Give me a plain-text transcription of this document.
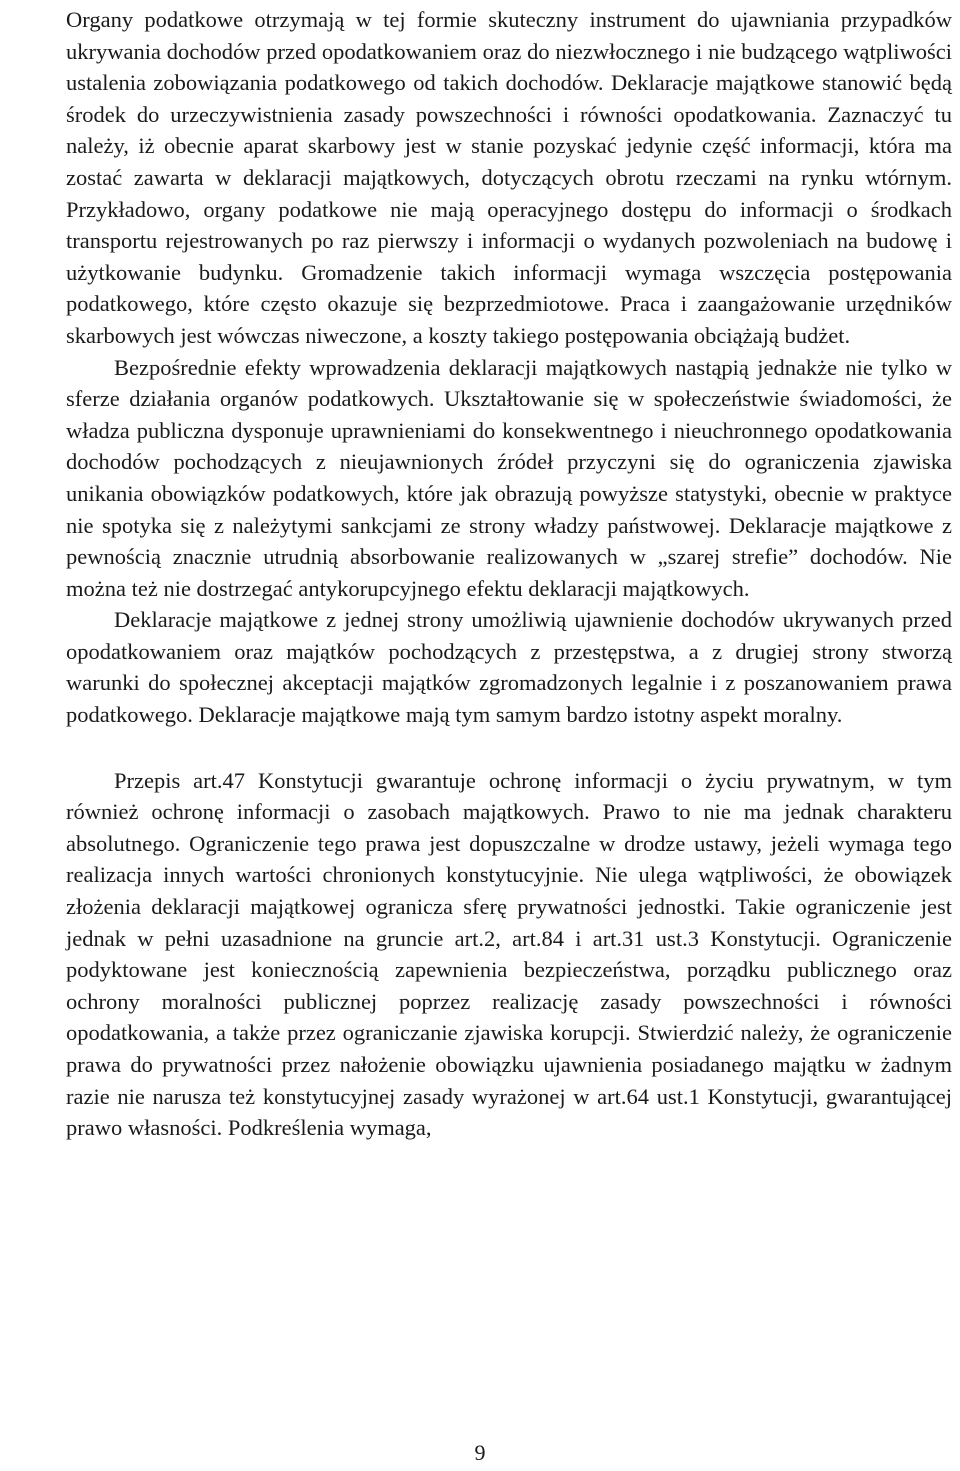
Organy podatkowe otrzymają w tej formie skuteczny instrument do ujawniania przypadków ukrywania dochodów przed opodatkowaniem oraz do niezwłocznego i nie budzącego wątpliwości ustalenia zobowiązania podatkowego od takich dochodów. Deklaracje majątkowe stanowić będą środek do urzeczywistnienia zasady powszechności i równości opodatkowania. Zaznaczyć tu należy, iż obecnie aparat skarbowy jest w stanie pozyskać jedynie część informacji, która ma zostać zawarta w deklaracji majątkowych, dotyczących obrotu rzeczami na rynku wtórnym. Przykładowo, organy podatkowe nie mają operacyjnego dostępu do informacji o środkach transportu rejestrowanych po raz pierwszy i informacji o wydanych pozwoleniach na budowę i użytkowanie budynku. Gromadzenie takich informacji wymaga wszczęcia postępowania podatkowego, które często okazuje się bezprzedmiotowe. Praca i zaangażowanie urzędników skarbowych jest wówczas niweczone, a koszty takiego postępowania obciążają budżet.

Bezpośrednie efekty wprowadzenia deklaracji majątkowych nastąpią jednakże nie tylko w sferze działania organów podatkowych. Ukształtowanie się w społeczeństwie świadomości, że władza publiczna dysponuje uprawnieniami do konsekwentnego i nieuchronnego opodatkowania dochodów pochodzących z nieujawnionych źródeł przyczyni się do ograniczenia zjawiska unikania obowiązków podatkowych, które jak obrazują powyższe statystyki, obecnie w praktyce nie spotyka się z należytymi sankcjami ze strony władzy państwowej. Deklaracje majątkowe z pewnością znacznie utrudnią absorbowanie realizowanych w „szarej strefie” dochodów. Nie można też nie dostrzegać antykorupcyjnego efektu deklaracji majątkowych.

Deklaracje majątkowe z jednej strony umożliwią ujawnienie dochodów ukrywanych przed opodatkowaniem oraz majątków pochodzących z przestępstwa, a z drugiej strony stworzą warunki do społecznej akceptacji majątków zgromadzonych legalnie i z poszanowaniem prawa podatkowego. Deklaracje majątkowe mają tym samym bardzo istotny aspekt moralny.

Przepis art.47 Konstytucji gwarantuje ochronę informacji o życiu prywatnym, w tym również ochronę informacji o zasobach majątkowych. Prawo to nie ma jednak charakteru absolutnego. Ograniczenie tego prawa jest dopuszczalne w drodze ustawy, jeżeli wymaga tego realizacja innych wartości chronionych konstytucyjnie. Nie ulega wątpliwości, że obowiązek złożenia deklaracji majątkowej ogranicza sferę prywatności jednostki. Takie ograniczenie jest jednak w pełni uzasadnione na gruncie art.2, art.84 i art.31 ust.3 Konstytucji. Ograniczenie podyktowane jest koniecznością zapewnienia bezpieczeństwa, porządku publicznego oraz ochrony moralności publicznej poprzez realizację zasady powszechności i równości opodatkowania, a także przez ograniczanie zjawiska korupcji. Stwierdzić należy, że ograniczenie prawa do prywatności przez nałożenie obowiązku ujawnienia posiadanego majątku w żadnym razie nie narusza też konstytucyjnej zasady wyrażonej w art.64 ust.1 Konstytucji, gwarantującej prawo własności. Podkreślenia wymaga,

9
